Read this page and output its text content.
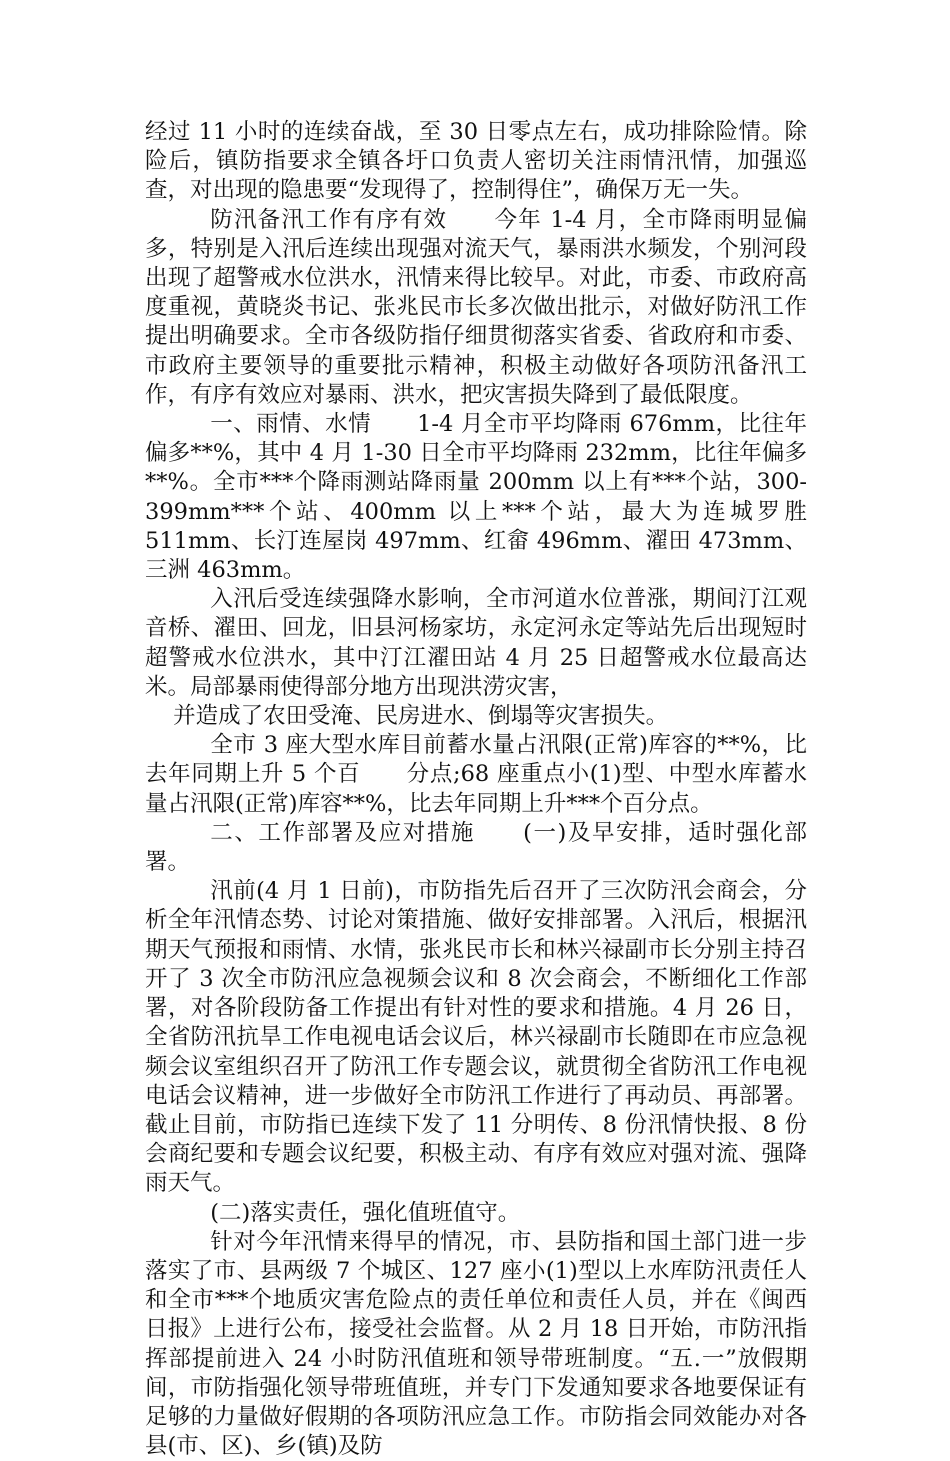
经过 11 小时的连续奋战，至 30 日零点左右，成功排除险情。除险后，镇防指要求全镇各圩口负责人密切关注雨情汛情，加强巡查，对出现的隐患要“发现得了，控制得住”，确保万无一失。

防汛备汛工作有序有效　　今年 1-4 月，全市降雨明显偏多，特别是入汛后连续出现强对流天气，暴雨洪水频发，个别河段出现了超警戒水位洪水，汛情来得比较早。对此，市委、市政府高度重视，黄晓炎书记、张兆民市长多次做出批示，对做好防汛工作提出明确要求。全市各级防指仔细贯彻落实省委、省政府和市委、市政府主要领导的重要批示精神，积极主动做好各项防汛备汛工作，有序有效应对暴雨、洪水，把灾害损失降到了最低限度。

一、雨情、水情　　1-4 月全市平均降雨 676mm，比往年偏多**%，其中 4 月 1-30 日全市平均降雨 232mm，比往年偏多**%。全市***个降雨测站降雨量 200mm 以上有***个站，300-399mm***个站、400mm 以上***个站，最大为连城罗胜 511mm、长汀连屋岗 497mm、红畲 496mm、濯田 473mm、三洲 463mm。

入汛后受连续强降水影响，全市河道水位普涨，期间汀江观音桥、濯田、回龙，旧县河杨家坊，永定河永定等站先后出现短时超警戒水位洪水，其中汀江濯田站 4 月 25 日超警戒水位最高达米。局部暴雨使得部分地方出现洪涝灾害，

并造成了农田受淹、民房进水、倒塌等灾害损失。

全市 3 座大型水库目前蓄水量占汛限(正常)库容的**%，比去年同期上升 5 个百　　分点;68 座重点小(1)型、中型水库蓄水量占汛限(正常)库容**%，比去年同期上升***个百分点。

二、工作部署及应对措施　　(一)及早安排，适时强化部署。

汛前(4 月 1 日前)，市防指先后召开了三次防汛会商会，分析全年汛情态势、讨论对策措施、做好安排部署。入汛后，根据汛期天气预报和雨情、水情，张兆民市长和林兴禄副市长分别主持召开了 3 次全市防汛应急视频会议和 8 次会商会，不断细化工作部署，对各阶段防备工作提出有针对性的要求和措施。4 月 26 日，全省防汛抗旱工作电视电话会议后，林兴禄副市长随即在市应急视频会议室组织召开了防汛工作专题会议，就贯彻全省防汛工作电视电话会议精神，进一步做好全市防汛工作进行了再动员、再部署。截止目前，市防指已连续下发了 11 分明传、8 份汛情快报、8 份会商纪要和专题会议纪要，积极主动、有序有效应对强对流、强降雨天气。

(二)落实责任，强化值班值守。

针对今年汛情来得早的情况，市、县防指和国土部门进一步落实了市、县两级 7 个城区、127 座小(1)型以上水库防汛责任人和全市***个地质灾害危险点的责任单位和责任人员，并在《闽西日报》上进行公布，接受社会监督。从 2 月 18 日开始，市防汛指挥部提前进入 24 小时防汛值班和领导带班制度。“五.一”放假期间，市防指强化领导带班值班，并专门下发通知要求各地要保证有足够的力量做好假期的各项防汛应急工作。市防指会同效能办对各县(市、区)、乡(镇)及防
